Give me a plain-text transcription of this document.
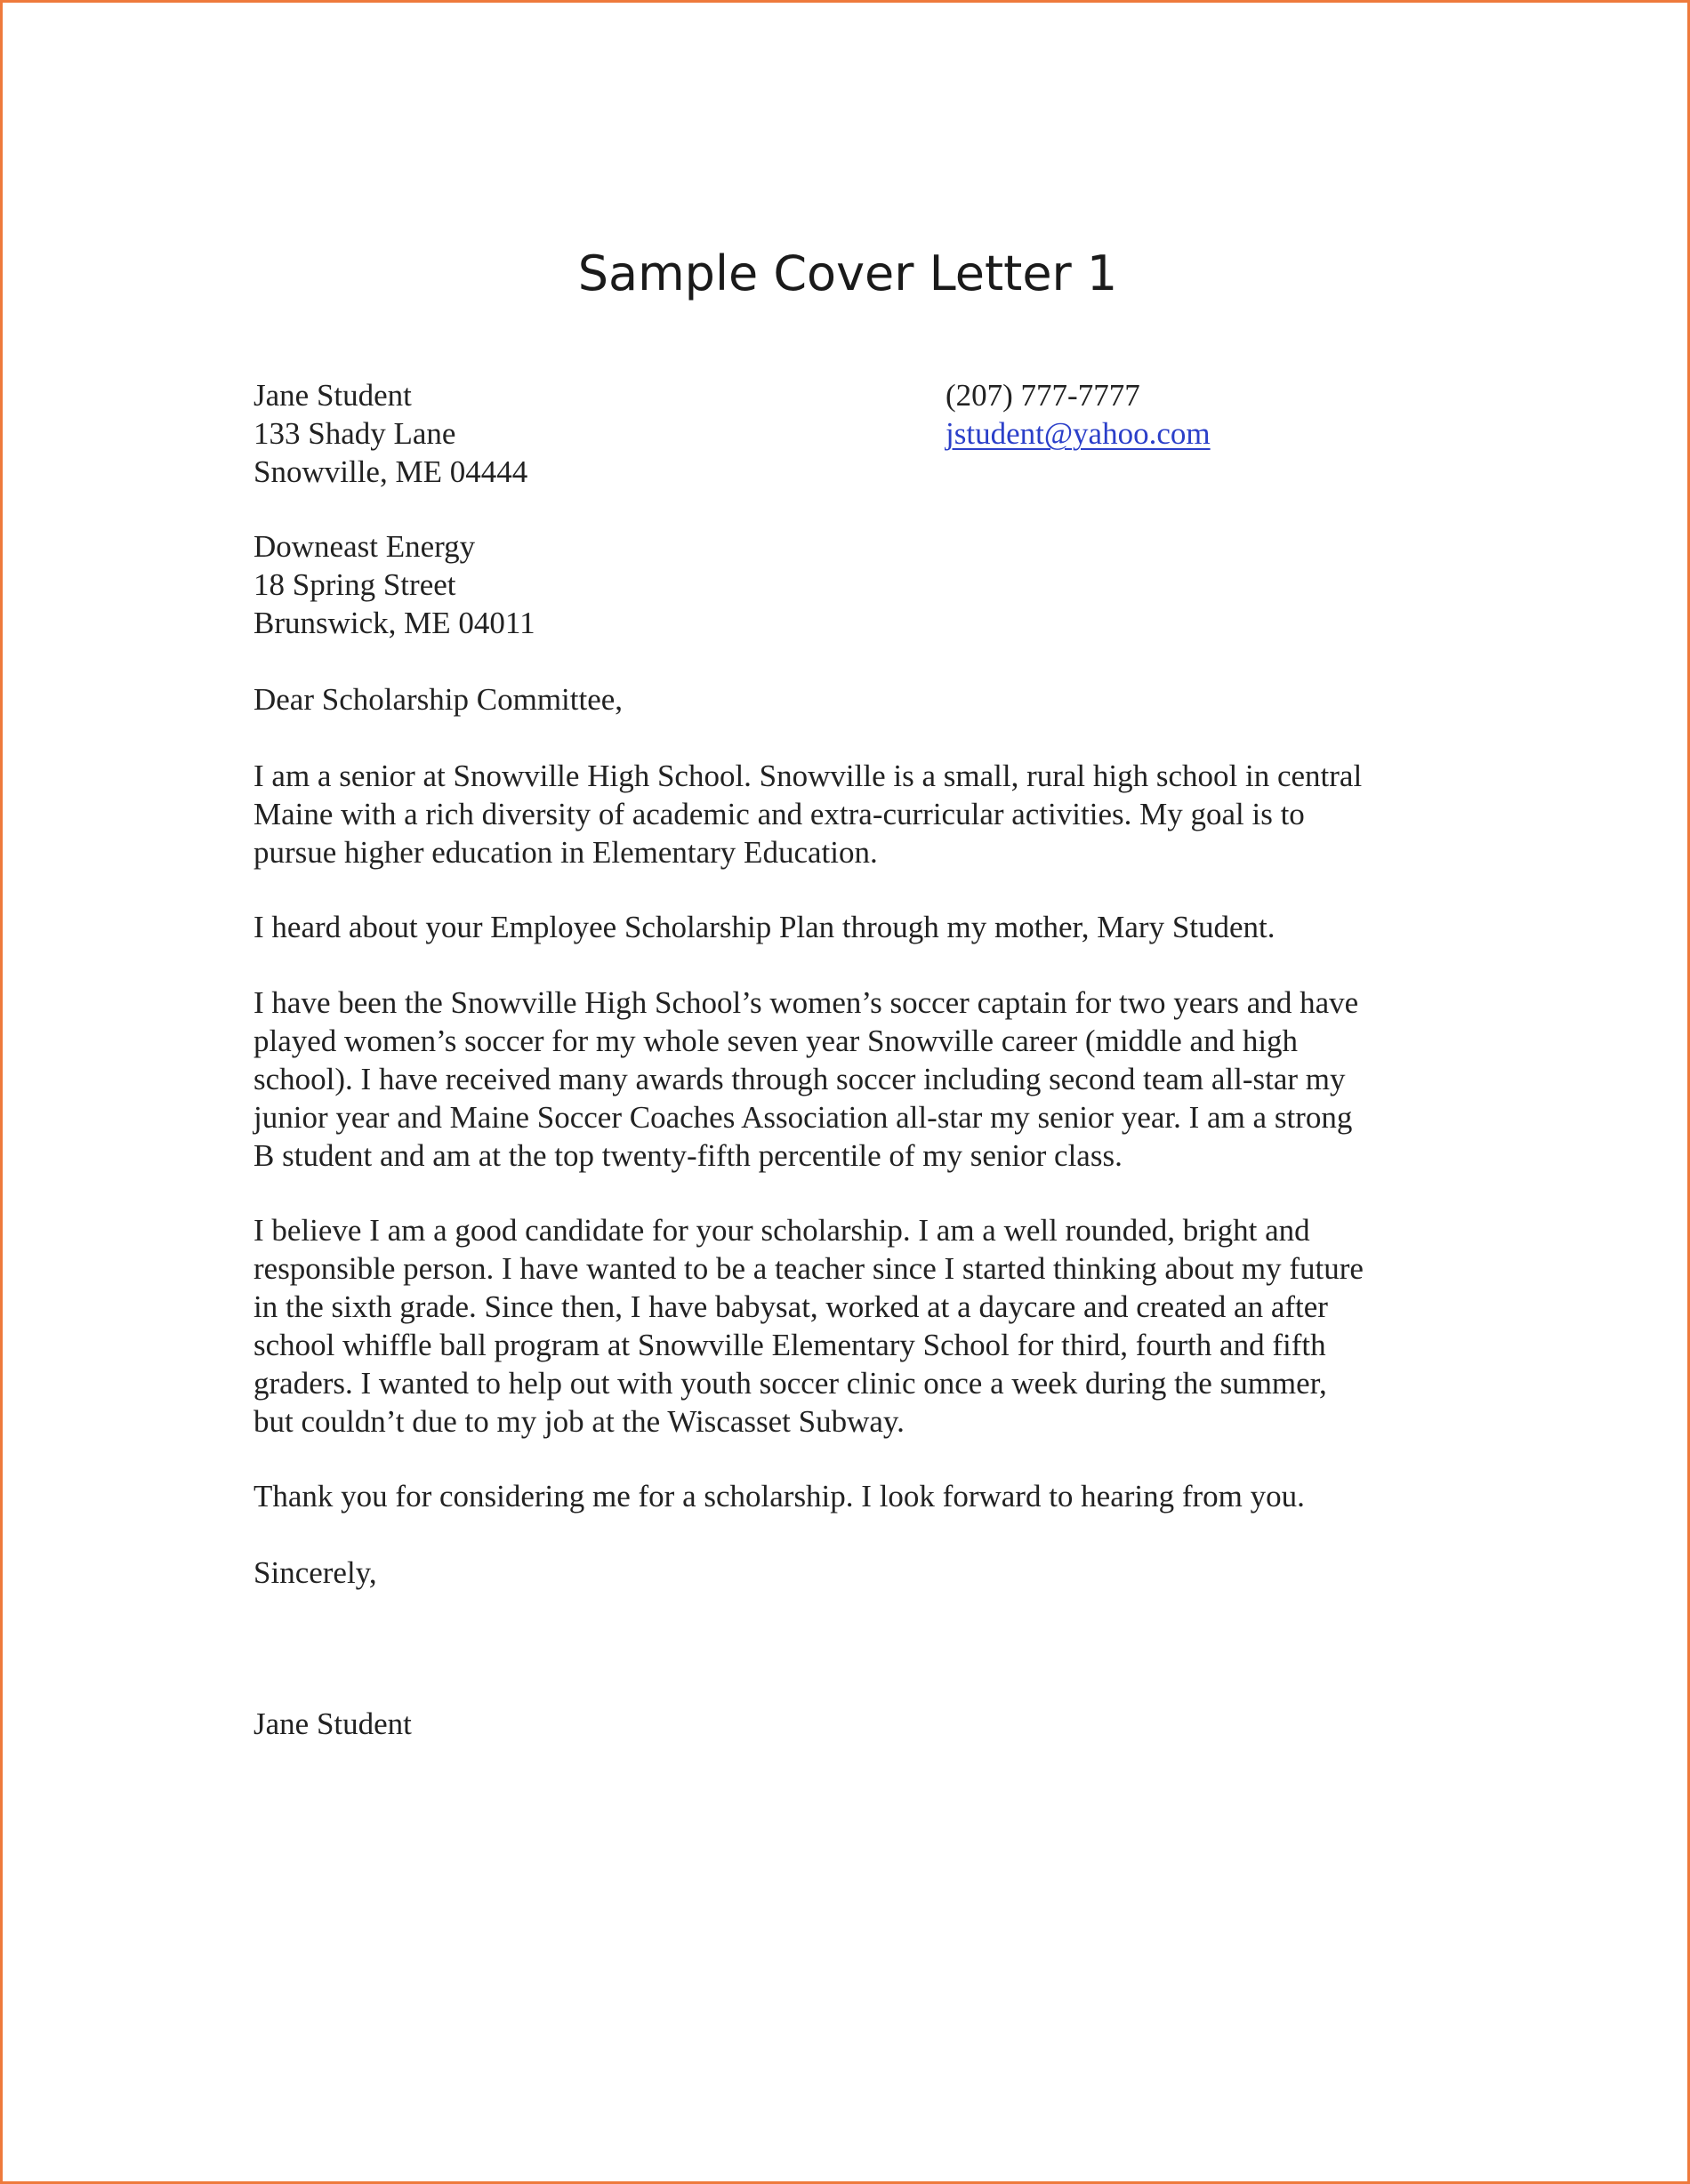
Sample Cover Letter 1
Jane Student
133 Shady Lane
Snowville, ME 04444
(207) 777-7777
jstudent@yahoo.com
Downeast Energy
18 Spring Street
Brunswick, ME 04011
Dear Scholarship Committee,
I am a senior at Snowville High School. Snowville is a small, rural high school in central
Maine with a rich diversity of academic and extra-curricular activities. My goal is to
pursue higher education in Elementary Education.
I heard about your Employee Scholarship Plan through my mother, Mary Student.
I have been the Snowville High School’s women’s soccer captain for two years and have
played women’s soccer for my whole seven year Snowville career (middle and high
school). I have received many awards through soccer including second team all-star my
junior year and Maine Soccer Coaches Association all-star my senior year. I am a strong
B student and am at the top twenty-fifth percentile of my senior class.
I believe I am a good candidate for your scholarship. I am a well rounded, bright and
responsible person. I have wanted to be a teacher since I started thinking about my future
in the sixth grade. Since then, I have babysat, worked at a daycare and created an after
school whiffle ball program at Snowville Elementary School for third, fourth and fifth
graders. I wanted to help out with youth soccer clinic once a week during the summer,
but couldn’t due to my job at the Wiscasset Subway.
Thank you for considering me for a scholarship. I look forward to hearing from you.
Sincerely,
Jane Student
